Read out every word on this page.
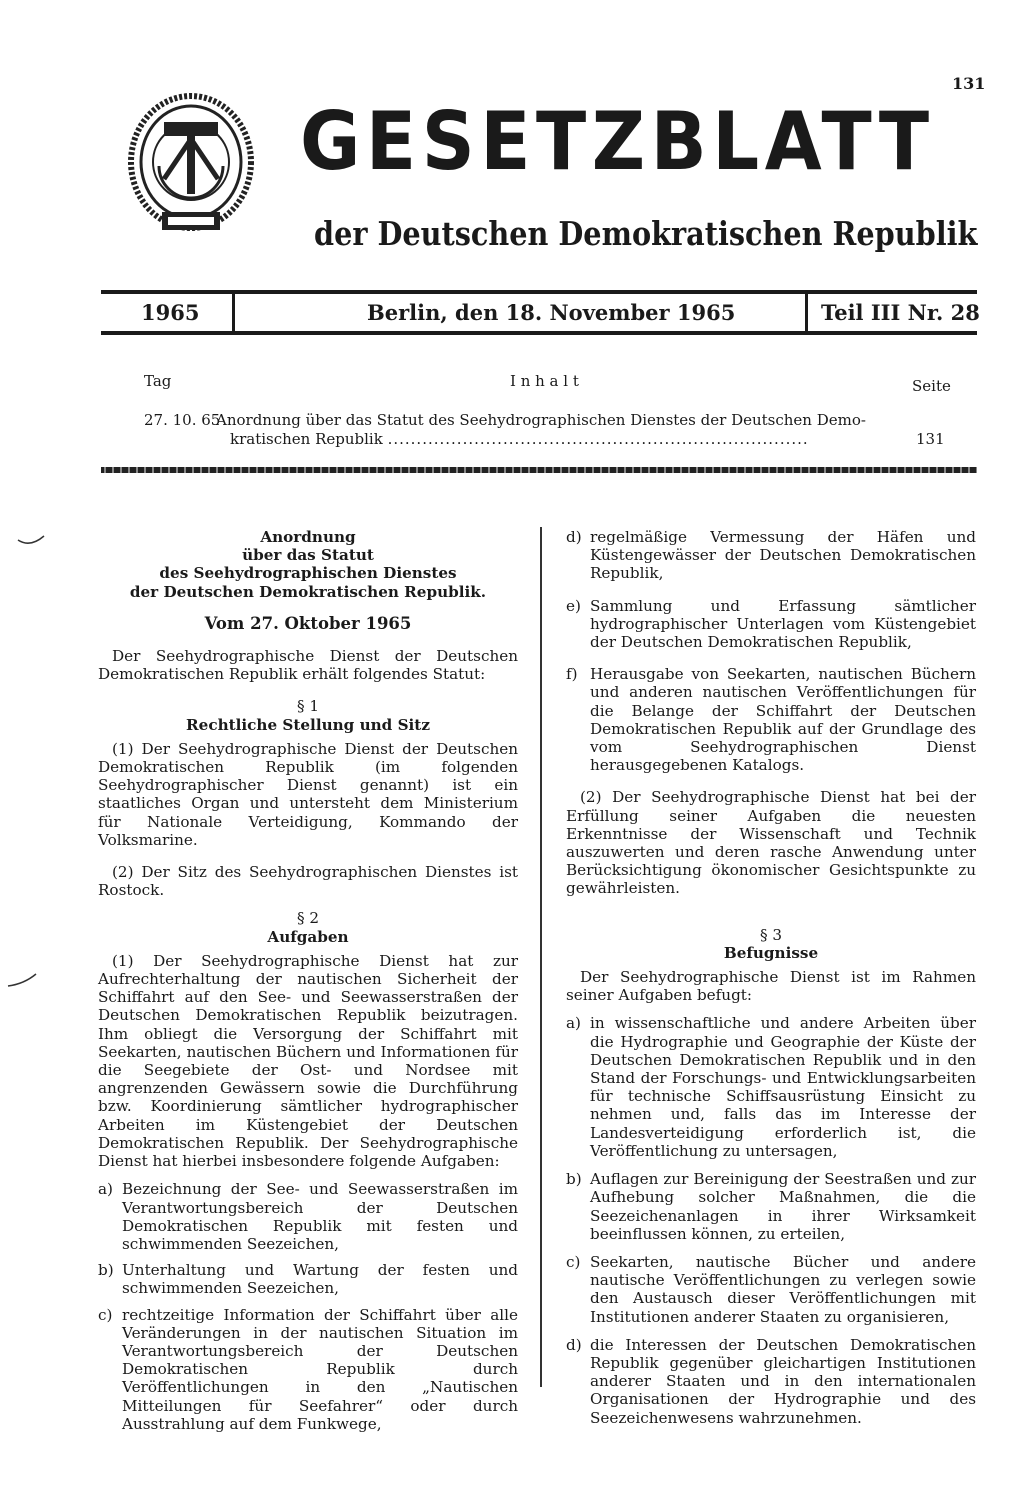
131
GESETZBLATT
der Deutschen Demokratischen Republik
1965	Berlin, den 18. November 1965	Teil III Nr. 28
Tag	I n h a l t	Seite
27. 10. 65
Anordnung über das Statut des Seehydrographischen Dienstes der Deutschen Demo-
kratischen Republik .........................................................................	131
Anordnung
über das Statut
des Seehydrographischen Dienstes
der Deutschen Demokratischen Republik.
Vom 27. Oktober 1965

Der Seehydrographische Dienst der Deutschen Demokratischen Republik erhält folgendes Statut:

§ 1
Rechtliche Stellung und Sitz

(1) Der Seehydrographische Dienst der Deutschen Demokratischen Republik (im folgenden Seehydrographischer Dienst genannt) ist ein staatliches Organ und untersteht dem Ministerium für Nationale Verteidigung, Kommando der Volksmarine.

(2) Der Sitz des Seehydrographischen Dienstes ist Rostock.

§ 2
Aufgaben

(1) Der Seehydrographische Dienst hat zur Aufrechterhaltung der nautischen Sicherheit der Schiffahrt auf den See- und Seewasserstraßen der Deutschen Demokratischen Republik beizutragen. Ihm obliegt die Versorgung der Schiffahrt mit Seekarten, nautischen Büchern und Informationen für die Seegebiete der Ost- und Nordsee mit angrenzenden Gewässern sowie die Durchführung bzw. Koordinierung sämtlicher hydrographischer Arbeiten im Küstengebiet der Deutschen Demokratischen Republik. Der Seehydrographische Dienst hat hierbei insbesondere folgende Aufgaben:

a) Bezeichnung der See- und Seewasserstraßen im Verantwortungsbereich der Deutschen Demokratischen Republik mit festen und schwimmenden Seezeichen,
b) Unterhaltung und Wartung der festen und schwimmenden Seezeichen,
c) rechtzeitige Information der Schiffahrt über alle Veränderungen in der nautischen Situation im Verantwortungsbereich der Deutschen Demokratischen Republik durch Veröffentlichungen in den „Nautischen Mitteilungen für Seefahrer“ oder durch Ausstrahlung auf dem Funkwege,
d) regelmäßige Vermessung der Häfen und Küstengewässer der Deutschen Demokratischen Republik,
e) Sammlung und Erfassung sämtlicher hydrographischer Unterlagen vom Küstengebiet der Deutschen Demokratischen Republik,
f) Herausgabe von Seekarten, nautischen Büchern und anderen nautischen Veröffentlichungen für die Belange der Schiffahrt der Deutschen Demokratischen Republik auf der Grundlage des vom Seehydrographischen Dienst herausgegebenen Katalogs.

(2) Der Seehydrographische Dienst hat bei der Erfüllung seiner Aufgaben die neuesten Erkenntnisse der Wissenschaft und Technik auszuwerten und deren rasche Anwendung unter Berücksichtigung ökonomischer Gesichtspunkte zu gewährleisten.

§ 3
Befugnisse

Der Seehydrographische Dienst ist im Rahmen seiner Aufgaben befugt:

a) in wissenschaftliche und andere Arbeiten über die Hydrographie und Geographie der Küste der Deutschen Demokratischen Republik und in den Stand der Forschungs- und Entwicklungsarbeiten für technische Schiffsausrüstung Einsicht zu nehmen und, falls das im Interesse der Landesverteidigung erforderlich ist, die Veröffentlichung zu untersagen,
b) Auflagen zur Bereinigung der Seestraßen und zur Aufhebung solcher Maßnahmen, die die Seezeichenanlagen in ihrer Wirksamkeit beeinflussen können, zu erteilen,
c) Seekarten, nautische Bücher und andere nautische Veröffentlichungen zu verlegen sowie den Austausch dieser Veröffentlichungen mit Institutionen anderer Staaten zu organisieren,
d) die Interessen der Deutschen Demokratischen Republik gegenüber gleichartigen Institutionen anderer Staaten und in den internationalen Organisationen der Hydrographie und des Seezeichenwesens wahrzunehmen.
